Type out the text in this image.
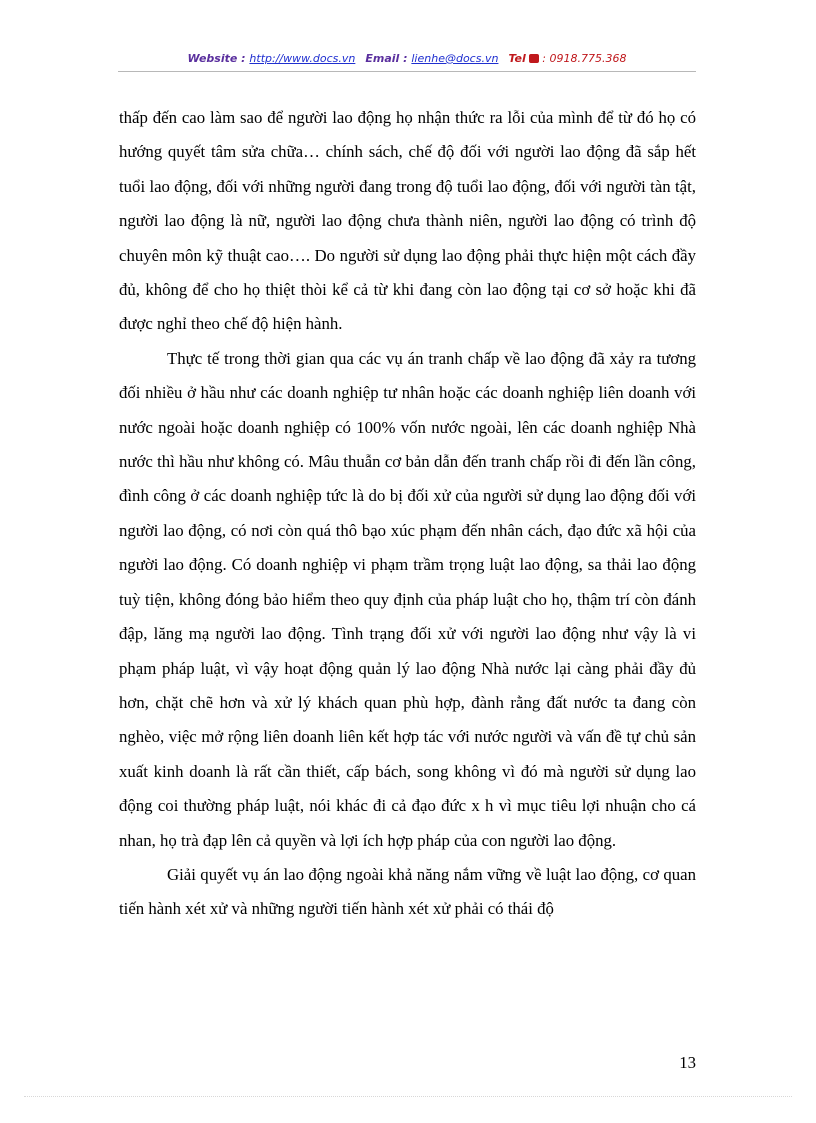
Website : http://www.docs.vn Email : lienhe@docs.vn Tel : 0918.775.368

thấp đến cao làm sao để người lao động họ nhận thức ra lỗi của mình để từ đó họ có hướng quyết tâm sửa chữa… chính sách, chế độ đối với người lao động đã sắp hết tuổi lao động, đối với những người đang trong độ tuổi lao động, đối với người tàn tật, người lao động là nữ, người lao động chưa thành niên, người lao động có trình độ chuyên môn kỹ thuật cao…. Do người sử dụng lao động phải thực hiện một cách đầy đủ, không để cho họ thiệt thòi kể cả từ khi đang còn lao động tại cơ sở hoặc khi đã được nghỉ theo chế độ hiện hành.

Thực tế trong thời gian qua các vụ án tranh chấp về lao động đã xảy ra tương đối nhiều ở hầu như các doanh nghiệp tư nhân hoặc các doanh nghiệp liên doanh với nước ngoài hoặc doanh nghiệp có 100% vốn nước ngoài, lên các doanh nghiệp Nhà nước thì hầu như không có. Mâu thuẫn cơ bản dẫn đến tranh chấp rồi đi đến lần công, đình công ở các doanh nghiệp tức là do bị đối xử của người sử dụng lao động đối với người lao động, có nơi còn quá thô bạo xúc phạm đến nhân cách, đạo đức xã hội của người lao động. Có doanh nghiệp vi phạm trầm trọng luật lao động, sa thải lao động tuỳ tiện, không đóng bảo hiểm theo quy định của pháp luật cho họ, thậm trí còn đánh đập, lăng mạ người lao động. Tình trạng đối xử với người lao động như vậy là vi phạm pháp luật, vì vậy hoạt động quản lý lao động Nhà nước lại càng phải đầy đủ hơn, chặt chẽ hơn và xử lý khách quan phù hợp, đành rằng đất nước ta đang còn nghèo, việc mở rộng liên doanh liên kết hợp tác với nước người và vấn đề tự chủ sản xuất kinh doanh là rất cần thiết, cấp bách, song không vì đó mà người sử dụng lao động coi thường pháp luật, nói khác đi cả đạo đức x h vì mục tiêu lợi nhuận cho cá nhan, họ trà đạp lên cả quyền và lợi ích hợp pháp của con người lao động.

Giải quyết vụ án lao động ngoài khả năng nắm vững về luật lao động, cơ quan tiến hành xét xử và những người tiến hành xét xử phải có thái độ

13
